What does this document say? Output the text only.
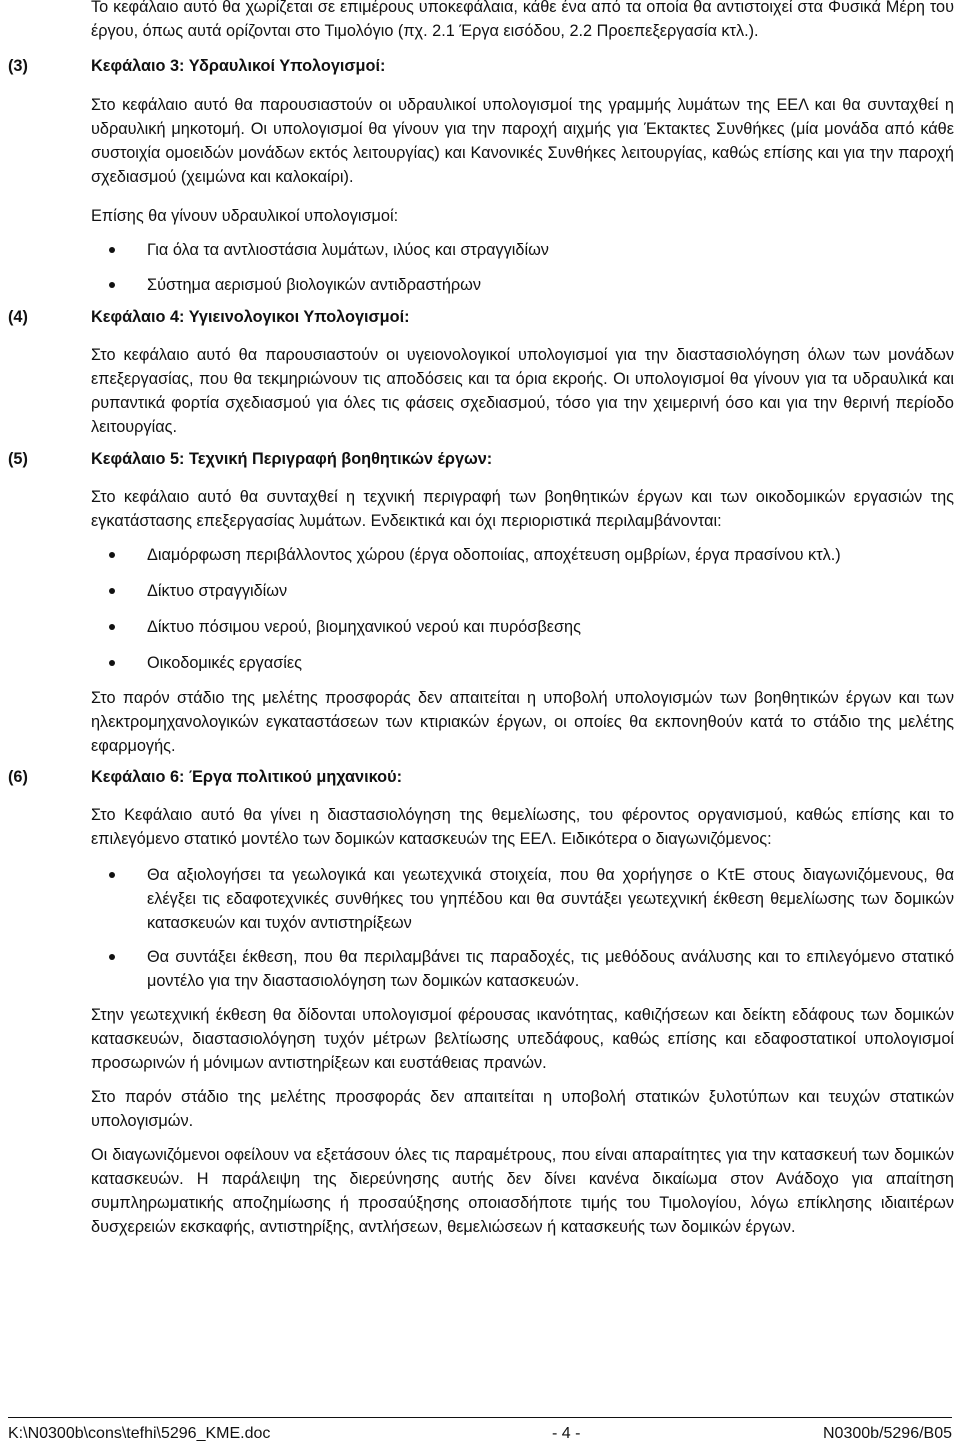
Το κεφάλαιο αυτό θα χωρίζεται σε επιμέρους υποκεφάλαια, κάθε ένα από τα οποία θα αντιστοιχεί στα Φυσικά Μέρη του έργου, όπως αυτά ορίζονται στο Τιμολόγιο (πχ. 2.1 Έργα εισόδου, 2.2 Προεπεξεργασία κτλ.).

(3)	Κεφάλαιο 3: Υδραυλικοί Υπολογισμοί:

Στο κεφάλαιο αυτό θα παρουσιαστούν οι υδραυλικοί υπολογισμοί της γραμμής λυμάτων της ΕΕΛ και θα συνταχθεί η υδραυλική μηκοτομή. Οι υπολογισμοί θα γίνουν για την παροχή αιχμής για Έκτακτες Συνθήκες (μία μονάδα από κάθε συστοιχία ομοειδών μονάδων εκτός λειτουργίας) και Κανονικές Συνθήκες λειτουργίας, καθώς επίσης και για την παροχή σχεδιασμού (χειμώνα και καλοκαίρι).

Επίσης θα γίνουν υδραυλικοί υπολογισμοί:

Για όλα τα αντλιοστάσια λυμάτων, ιλύος και στραγγιδίων
Σύστημα αερισμού βιολογικών αντιδραστήρων
(4)	Κεφάλαιο 4: Υγιεινολογικοι Υπολογισμοί:

Στο κεφάλαιο αυτό θα παρουσιαστούν οι υγειονολογικοί υπολογισμοί για την διαστασιολόγηση όλων των μονάδων επεξεργασίας, που θα τεκμηριώνουν τις αποδόσεις και τα όρια εκροής. Οι υπολογισμοί θα γίνουν για τα υδραυλικά και ρυπαντικά φορτία σχεδιασμού για όλες τις φάσεις σχεδιασμού, τόσο για την χειμερινή όσο και για την θερινή περίοδο λειτουργίας.

(5)	Κεφάλαιο 5: Τεχνική Περιγραφή βοηθητικών έργων:

Στο κεφάλαιο αυτό θα συνταχθεί η τεχνική περιγραφή των βοηθητικών έργων και των οικοδομικών εργασιών της εγκατάστασης επεξεργασίας λυμάτων. Ενδεικτικά και όχι περιοριστικά περιλαμβάνονται:

Διαμόρφωση περιβάλλοντος χώρου (έργα οδοποιίας, αποχέτευση ομβρίων, έργα πρασίνου κτλ.)
Δίκτυο στραγγιδίων
Δίκτυο πόσιμου νερού, βιομηχανικού νερού και πυρόσβεσης
Οικοδομικές εργασίες

Στο παρόν στάδιο της μελέτης προσφοράς δεν απαιτείται η υποβολή υπολογισμών των βοηθητικών έργων και των ηλεκτρομηχανολογικών εγκαταστάσεων των κτιριακών έργων, οι οποίες θα εκπονηθούν κατά το στάδιο της μελέτης εφαρμογής.

(6)	Κεφάλαιο 6: Έργα πολιτικού μηχανικού:

Στο Κεφάλαιο αυτό θα γίνει η διαστασιολόγηση της θεμελίωσης, του φέροντος οργανισμού, καθώς επίσης και το επιλεγόμενο στατικό μοντέλο των δομικών κατασκευών της ΕΕΛ. Ειδικότερα ο διαγωνιζόμενος:

Θα αξιολογήσει τα γεωλογικά και γεωτεχνικά στοιχεία, που θα χορήγησε ο ΚτΕ στους διαγωνιζόμενους, θα ελέγξει τις εδαφοτεχνικές συνθήκες του γηπέδου και θα συντάξει γεωτεχνική έκθεση θεμελίωσης των δομικών κατασκευών και τυχόν αντιστηρίξεων
Θα συντάξει έκθεση, που θα περιλαμβάνει τις παραδοχές, τις μεθόδους ανάλυσης και το επιλεγόμενο στατικό μοντέλο για την διαστασιολόγηση των δομικών κατασκευών.

Στην γεωτεχνική έκθεση θα δίδονται υπολογισμοί φέρουσας ικανότητας, καθιζήσεων και δείκτη εδάφους των δομικών κατασκευών, διαστασιολόγηση τυχόν μέτρων βελτίωσης υπεδάφους, καθώς επίσης και εδαφοστατικοί υπολογισμοί προσωρινών ή μόνιμων αντιστηρίξεων και ευστάθειας πρανών.

Στο παρόν στάδιο της μελέτης προσφοράς δεν απαιτείται η υποβολή στατικών ξυλοτύπων και τευχών στατικών υπολογισμών.

Οι διαγωνιζόμενοι οφείλουν να εξετάσουν όλες τις παραμέτρους, που είναι απαραίτητες για την κατασκευή των δομικών κατασκευών. Η παράλειψη της διερεύνησης αυτής δεν δίνει κανένα δικαίωμα στον Ανάδοχο για απαίτηση συμπληρωματικής αποζημίωσης ή προσαύξησης οποιασδήποτε τιμής του Τιμολογίου, λόγω επίκλησης ιδιαιτέρων δυσχερειών εκσκαφής, αντιστηρίξης, αντλήσεων, θεμελιώσεων ή κατασκευής των δομικών έργων.

K:\N0300b\cons\tefhi\5296_KME.doc	- 4 -	N0300b/5296/B05
